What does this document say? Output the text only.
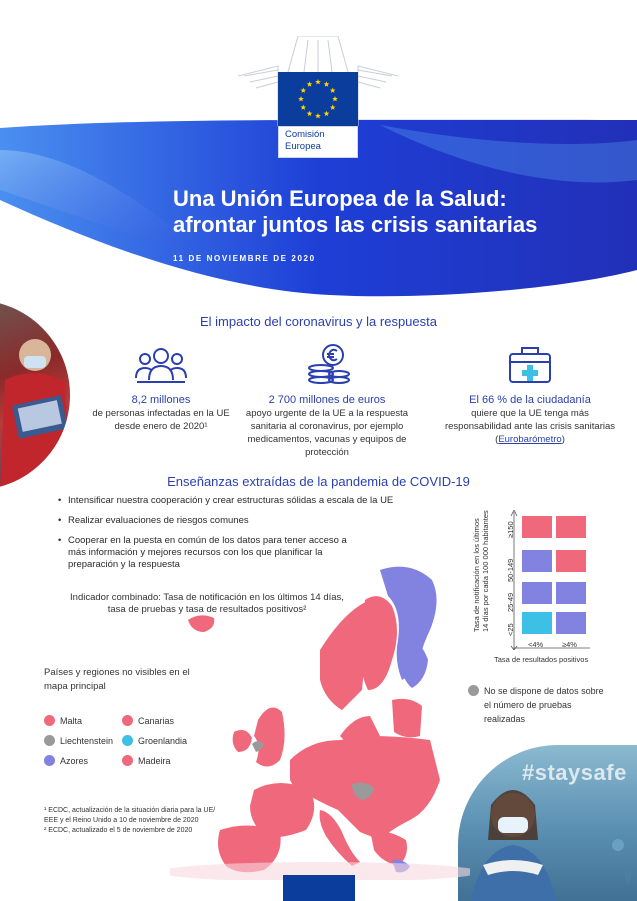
Comisión
Europea
Una Unión Europea de la Salud:
afrontar juntos las crisis sanitarias
11 DE NOVIEMBRE DE 2020
#staysafe
El impacto del coronavirus y la respuesta
8,2 millones
de personas infectadas en la UE desde enero de 2020¹
2 700 millones de euros
apoyo urgente de la UE a la respuesta sanitaria al coronavirus, por ejemplo medicamentos, vacunas y equipos de protección
El 66 % de la ciudadanía
quiere que la UE tenga más responsabilidad ante las crisis sanitarias (Eurobarómetro)
Enseñanzas extraídas de la pandemia de COVID-19
• Intensificar nuestra cooperación y crear estructuras sólidas a escala de la UE
• Realizar evaluaciones de riesgos comunes
• Cooperar en la puesta en común de los datos para tener acceso a más información y mejores recursos con los que planificar la preparación y la respuesta
Indicador combinado: Tasa de notificación en los últimos 14 días, tasa de pruebas y tasa de resultados positivos²	Tasa de notificación en los últimos 14 días por cada 100 000 habitantes ≥150
50-149
25-49
<25
<4%	≥4%
Tasa de resultados positivos
No se dispone de datos sobre el número de pruebas realizadas
Países y regiones no visibles en el mapa principal
Malta	Canarias
Liechtenstein	Groenlandia
Azores	Madeira
¹ ECDC, actualización de la situación diaria para la UE/
EEE y el Reino Unido a 10 de noviembre de 2020
² ECDC, actualizado el 5 de noviembre de 2020
